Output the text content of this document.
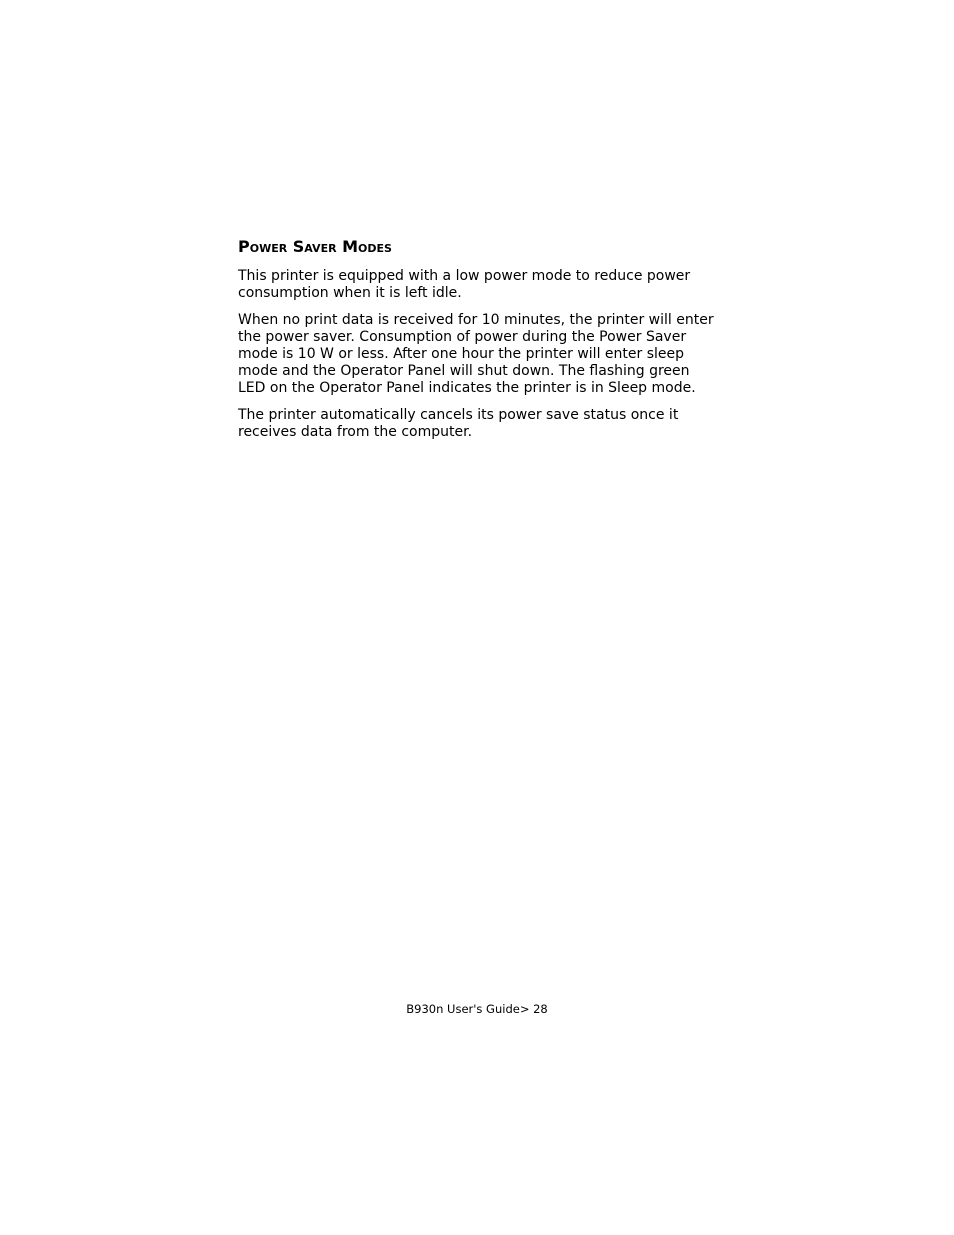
Power Saver Modes

This printer is equipped with a low power mode to reduce power consumption when it is left idle.

When no print data is received for 10 minutes, the printer will enter the power saver. Consumption of power during the Power Saver mode is 10 W or less. After one hour the printer will enter sleep mode and the Operator Panel will shut down. The flashing green LED on the Operator Panel indicates the printer is in Sleep mode.

The printer automatically cancels its power save status once it receives data from the computer.

B930n User's Guide> 28
